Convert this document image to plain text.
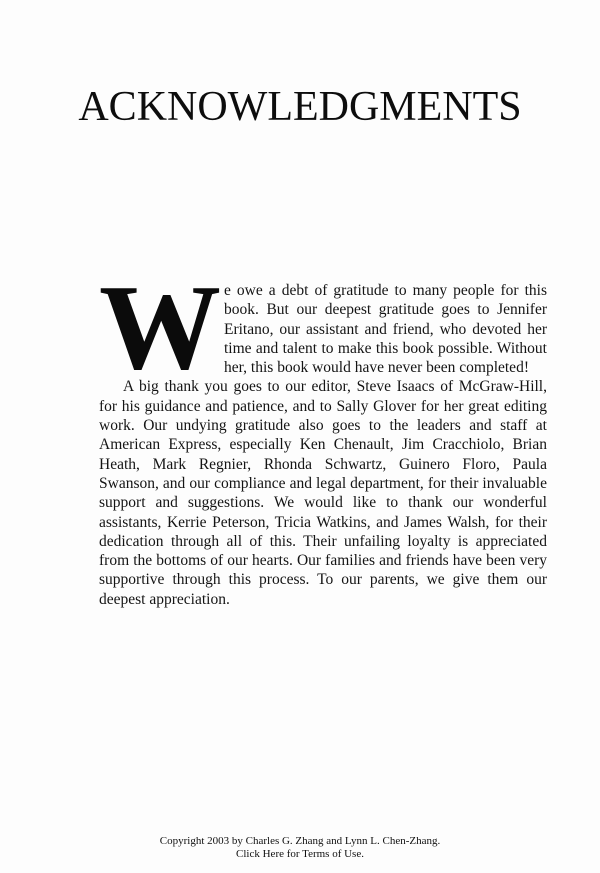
ACKNOWLEDGMENTS

We owe a debt of gratitude to many people for this book. But our deepest gratitude goes to Jennifer Eritano, our assistant and friend, who devoted her time and talent to make this book possible. Without her, this book would have never been completed!

A big thank you goes to our editor, Steve Isaacs of McGraw-Hill, for his guidance and patience, and to Sally Glover for her great editing work. Our undying gratitude also goes to the leaders and staff at American Express, especially Ken Chenault, Jim Cracchiolo, Brian Heath, Mark Regnier, Rhonda Schwartz, Guinero Floro, Paula Swanson, and our compliance and legal department, for their invaluable support and suggestions. We would like to thank our wonderful assistants, Kerrie Peterson, Tricia Watkins, and James Walsh, for their dedication through all of this. Their unfailing loyalty is appreciated from the bottoms of our hearts. Our families and friends have been very supportive through this process. To our parents, we give them our deepest appreciation.

Copyright 2003 by Charles G. Zhang and Lynn L. Chen-Zhang.
Click Here for Terms of Use.
